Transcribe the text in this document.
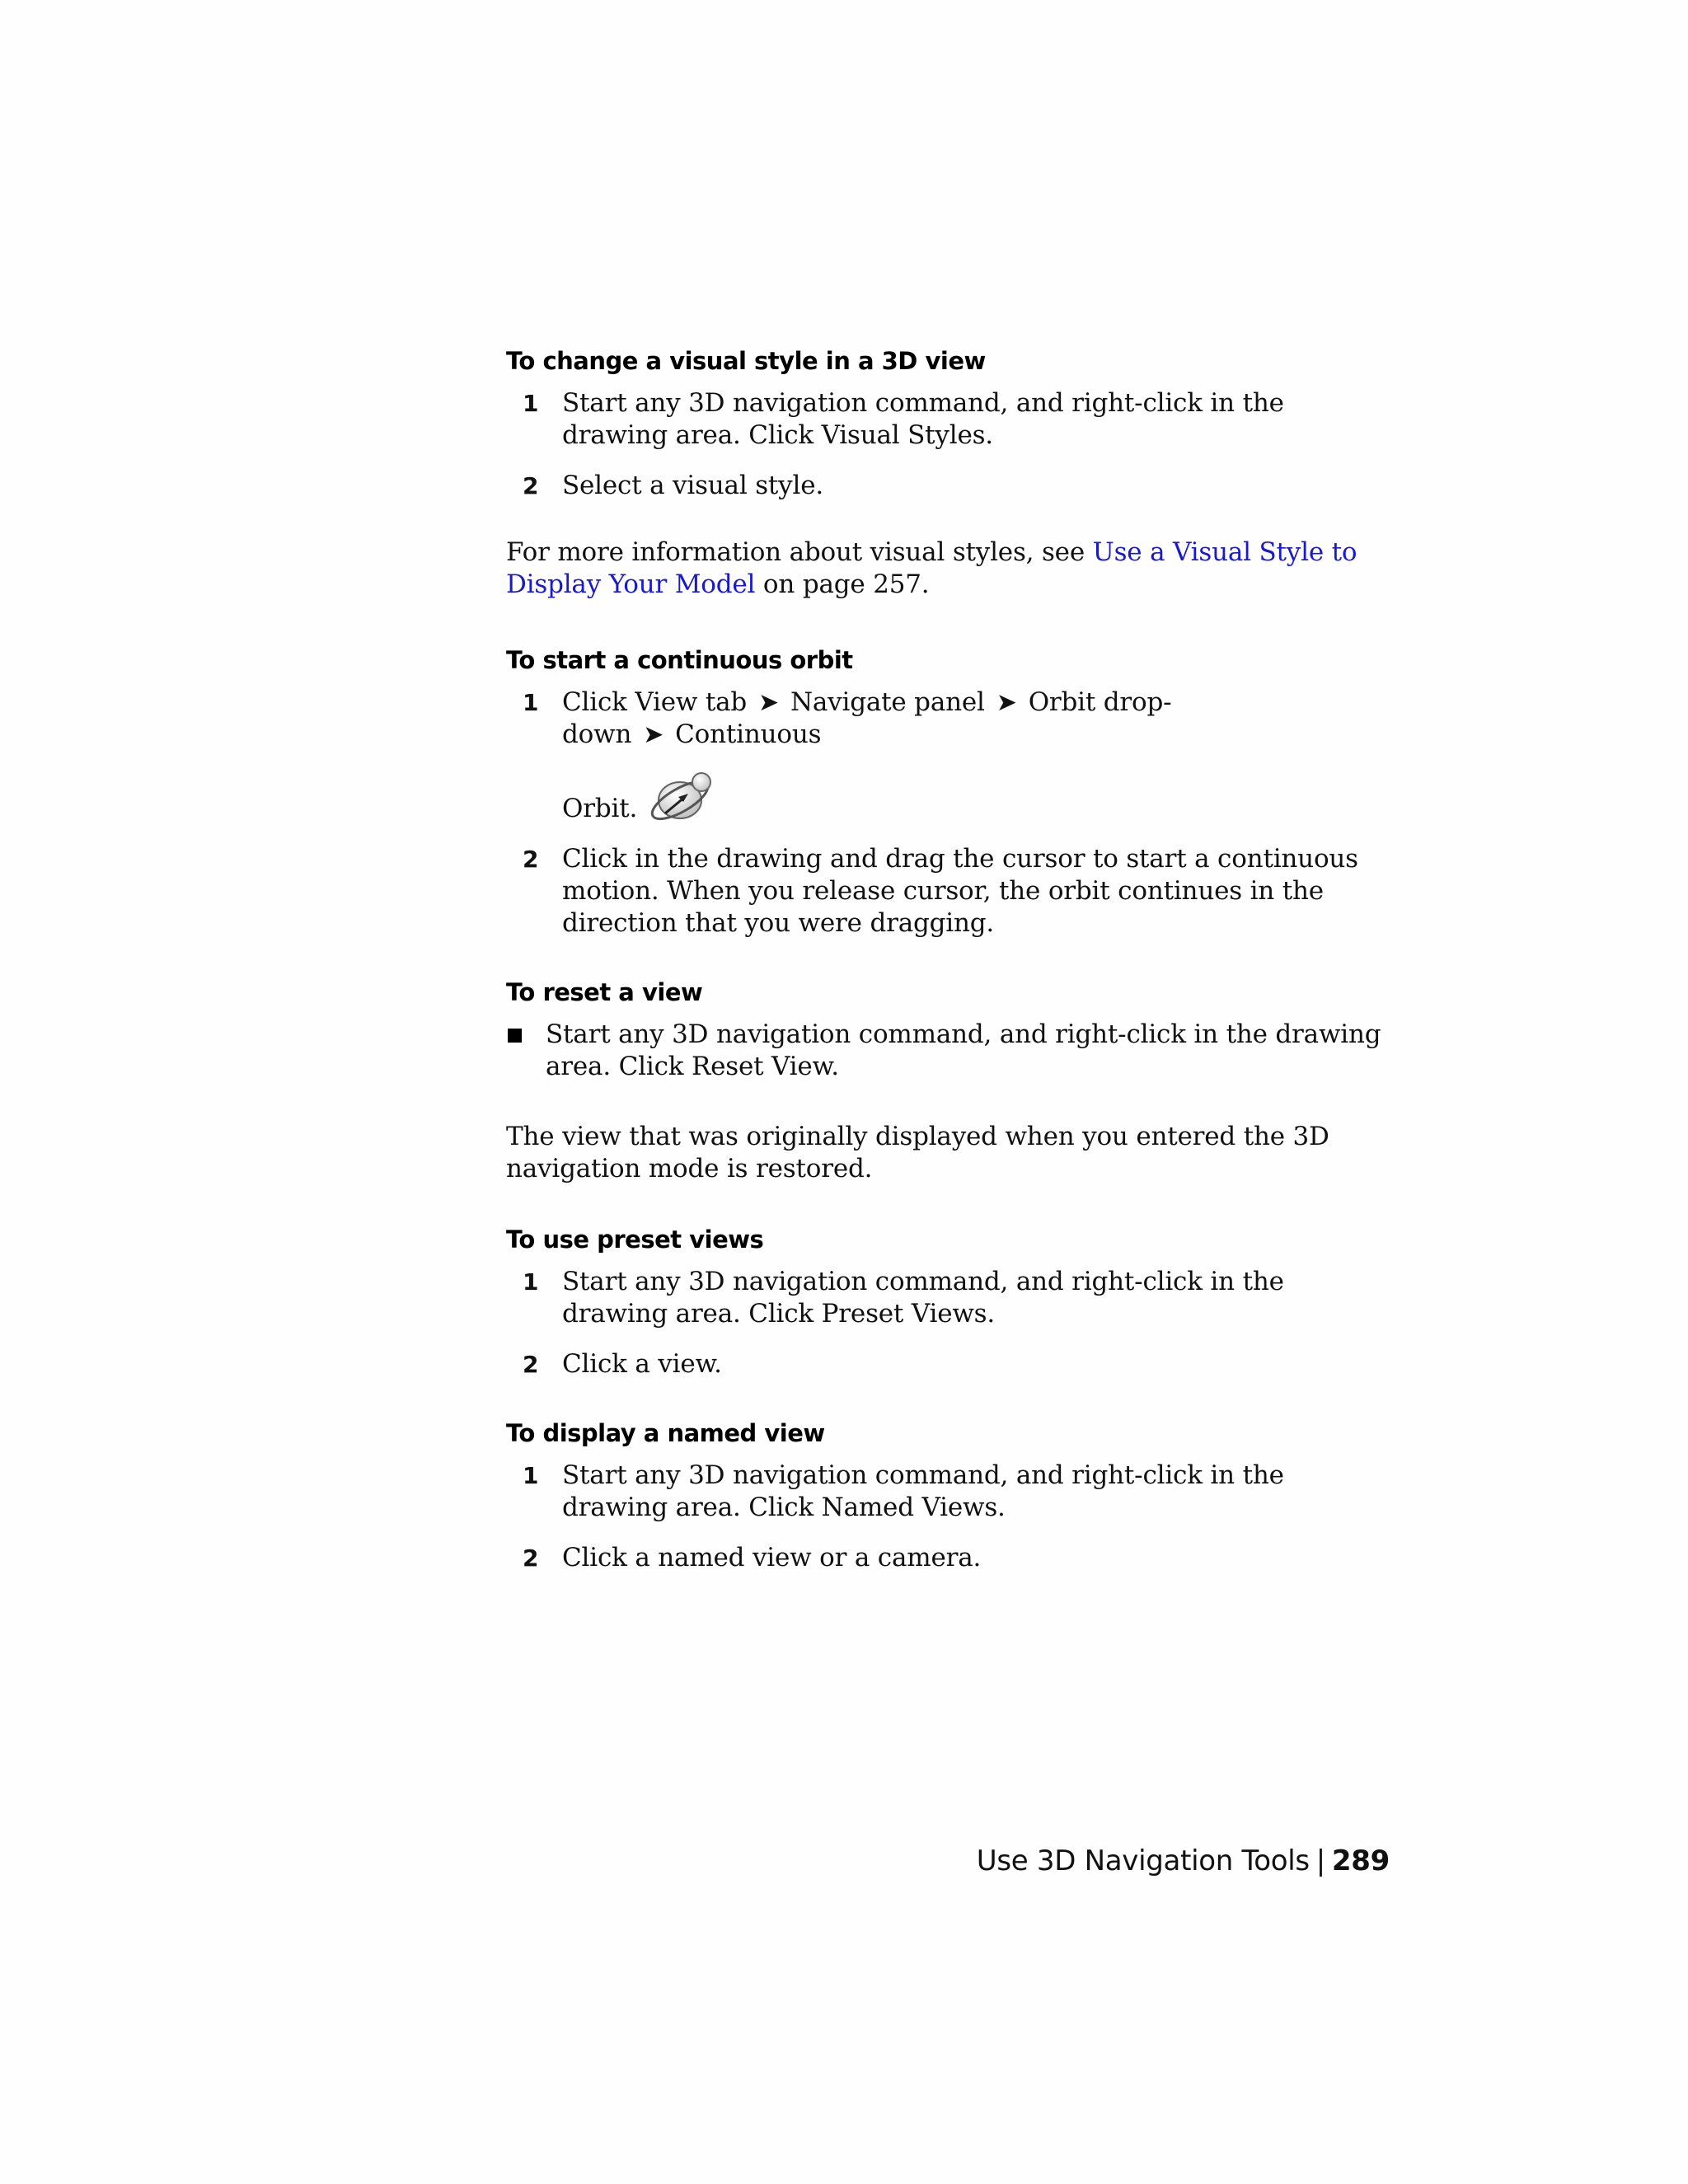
To change a visual style in a 3D view
1 Start any 3D navigation command, and right-click in the drawing area. Click Visual Styles.
2 Select a visual style.

For more information about visual styles, see Use a Visual Style to Display Your Model on page 257.

To start a continuous orbit
1 Click View tab ➤ Navigate panel ➤ Orbit drop-down ➤ Continuous
Orbit.
2 Click in the drawing and drag the cursor to start a continuous motion. When you release cursor, the orbit continues in the direction that you were dragging.
To reset a view
Start any 3D navigation command, and right-click in the drawing area. Click Reset View.

The view that was originally displayed when you entered the 3D navigation mode is restored.

To use preset views
1 Start any 3D navigation command, and right-click in the drawing area. Click Preset Views.
2 Click a view.
To display a named view
1 Start any 3D navigation command, and right-click in the drawing area. Click Named Views.
2 Click a named view or a camera.
Use 3D Navigation Tools | 289
